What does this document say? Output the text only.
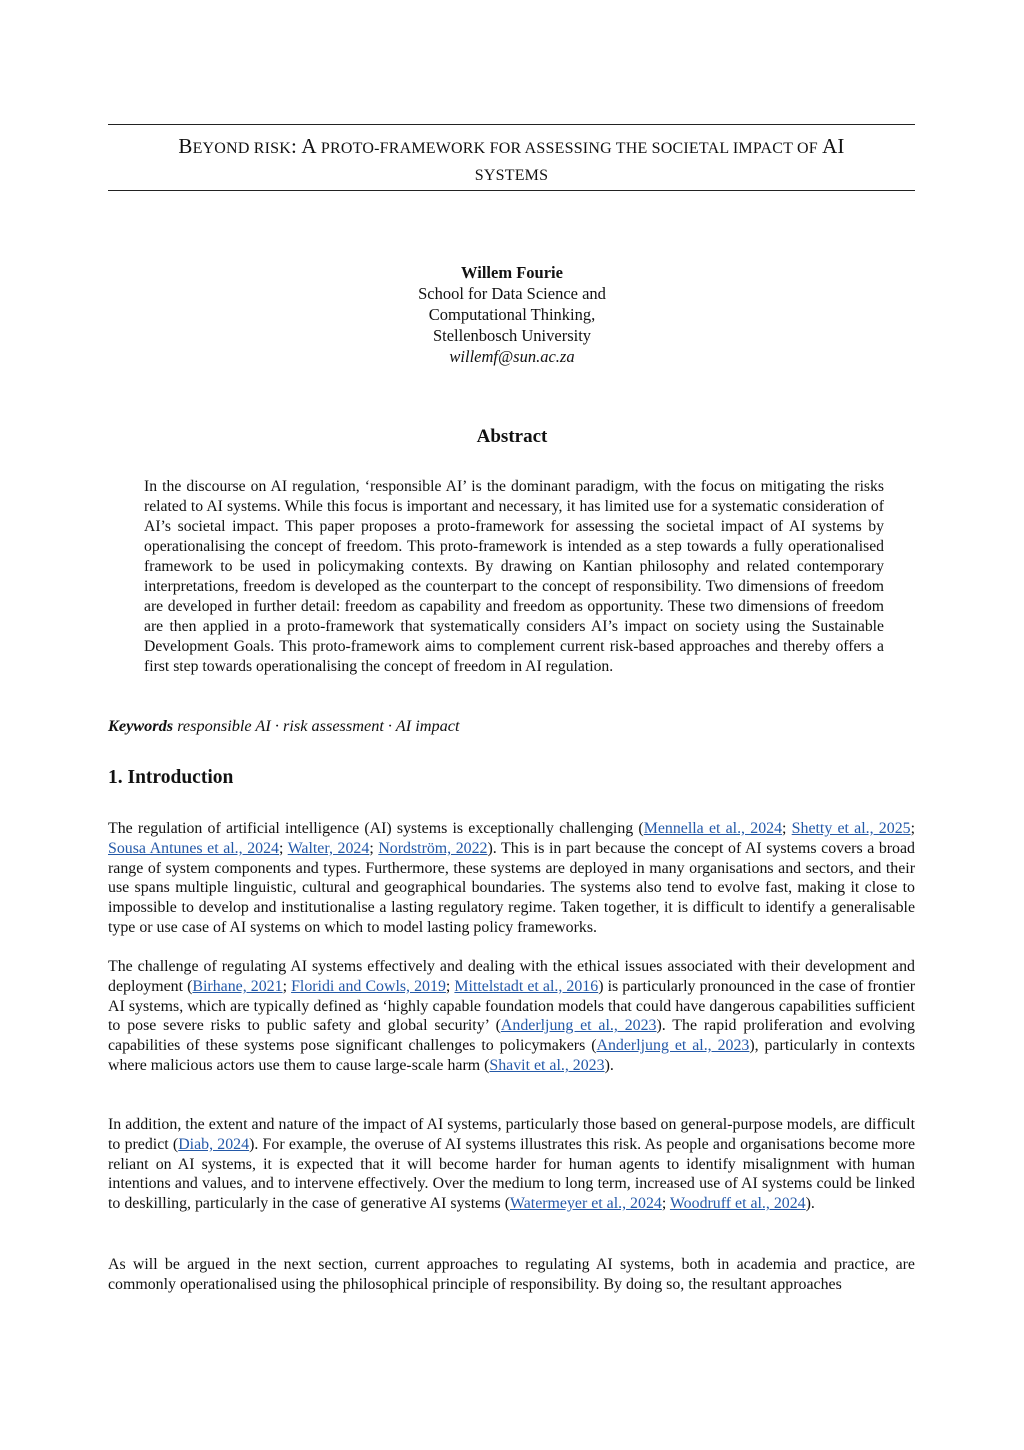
BEYOND RISK: A PROTO-FRAMEWORK FOR ASSESSING THE SOCIETAL IMPACT OF AI
SYSTEMS
Willem Fourie
School for Data Science and
Computational Thinking,
Stellenbosch University
willemf@sun.ac.za
Abstract

In the discourse on AI regulation, ‘responsible AI’ is the dominant paradigm, with the focus on mitigating the risks related to AI systems. While this focus is important and necessary, it has limited use for a systematic consideration of AI’s societal impact. This paper proposes a proto-framework for assessing the societal impact of AI systems by operationalising the concept of freedom. This proto-framework is intended as a step towards a fully operationalised framework to be used in policymaking contexts. By drawing on Kantian philosophy and related contemporary interpretations, freedom is developed as the counterpart to the concept of responsibility. Two dimensions of freedom are developed in further detail: freedom as capability and freedom as opportunity. These two dimensions of freedom are then applied in a proto-framework that systematically considers AI’s impact on society using the Sustainable Development Goals. This proto-framework aims to complement current risk-based approaches and thereby offers a first step towards operationalising the concept of freedom in AI regulation.

Keywords responsible AI · risk assessment · AI impact
1. Introduction

The regulation of artificial intelligence (AI) systems is exceptionally challenging (Mennella et al., 2024; Shetty et al., 2025; Sousa Antunes et al., 2024; Walter, 2024; Nordström, 2022). This is in part because the concept of AI systems covers a broad range of system components and types. Furthermore, these systems are deployed in many organisations and sectors, and their use spans multiple linguistic, cultural and geographical boundaries. The systems also tend to evolve fast, making it close to impossible to develop and institutionalise a lasting regulatory regime. Taken together, it is difficult to identify a generalisable type or use case of AI systems on which to model lasting policy frameworks.

The challenge of regulating AI systems effectively and dealing with the ethical issues associated with their development and deployment (Birhane, 2021; Floridi and Cowls, 2019; Mittelstadt et al., 2016) is particularly pronounced in the case of frontier AI systems, which are typically defined as ‘highly capable foundation models that could have dangerous capabilities sufficient to pose severe risks to public safety and global security’ (Anderljung et al., 2023). The rapid proliferation and evolving capabilities of these systems pose significant challenges to policymakers (Anderljung et al., 2023), particularly in contexts where malicious actors use them to cause large-scale harm (Shavit et al., 2023).

In addition, the extent and nature of the impact of AI systems, particularly those based on general-purpose models, are difficult to predict (Diab, 2024). For example, the overuse of AI systems illustrates this risk. As people and organisations become more reliant on AI systems, it is expected that it will become harder for human agents to identify misalignment with human intentions and values, and to intervene effectively. Over the medium to long term, increased use of AI systems could be linked to deskilling, particularly in the case of generative AI systems (Watermeyer et al., 2024; Woodruff et al., 2024).

As will be argued in the next section, current approaches to regulating AI systems, both in academia and practice, are commonly operationalised using the philosophical principle of responsibility. By doing so, the resultant approaches
